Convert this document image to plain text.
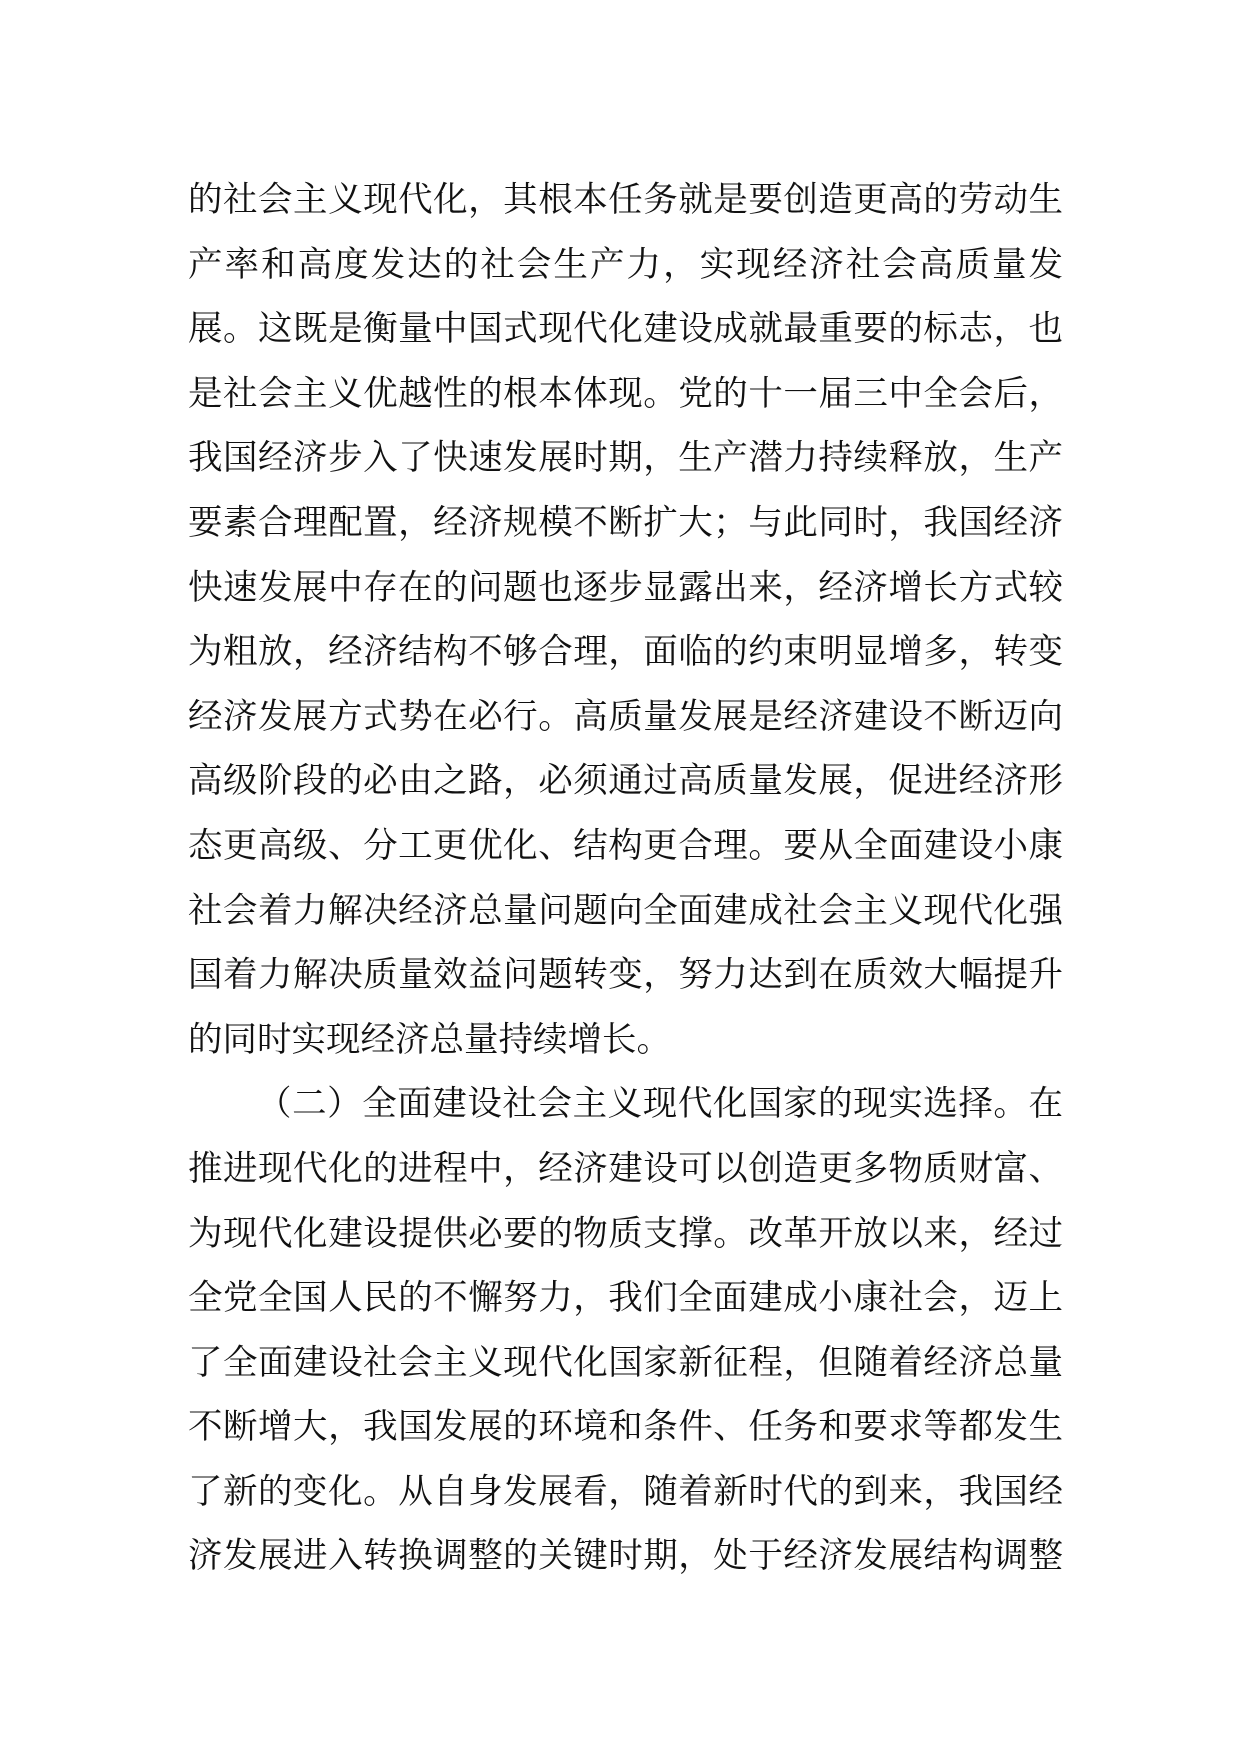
的社会主义现代化，其根本任务就是要创造更高的劳动生
产率和高度发达的社会生产力，实现经济社会高质量发
展。这既是衡量中国式现代化建设成就最重要的标志，也
是社会主义优越性的根本体现。党的十一届三中全会后，
我国经济步入了快速发展时期，生产潜力持续释放，生产
要素合理配置，经济规模不断扩大；与此同时，我国经济
快速发展中存在的问题也逐步显露出来，经济增长方式较
为粗放，经济结构不够合理，面临的约束明显增多，转变
经济发展方式势在必行。高质量发展是经济建设不断迈向
高级阶段的必由之路，必须通过高质量发展，促进经济形
态更高级、分工更优化、结构更合理。要从全面建设小康
社会着力解决经济总量问题向全面建成社会主义现代化强
国着力解决质量效益问题转变，努力达到在质效大幅提升
的同时实现经济总量持续增长。
（二）全面建设社会主义现代化国家的现实选择。在
推进现代化的进程中，经济建设可以创造更多物质财富、
为现代化建设提供必要的物质支撑。改革开放以来，经过
全党全国人民的不懈努力，我们全面建成小康社会，迈上
了全面建设社会主义现代化国家新征程，但随着经济总量
不断增大，我国发展的环境和条件、任务和要求等都发生
了新的变化。从自身发展看，随着新时代的到来，我国经
济发展进入转换调整的关键时期，处于经济发展结构调整
